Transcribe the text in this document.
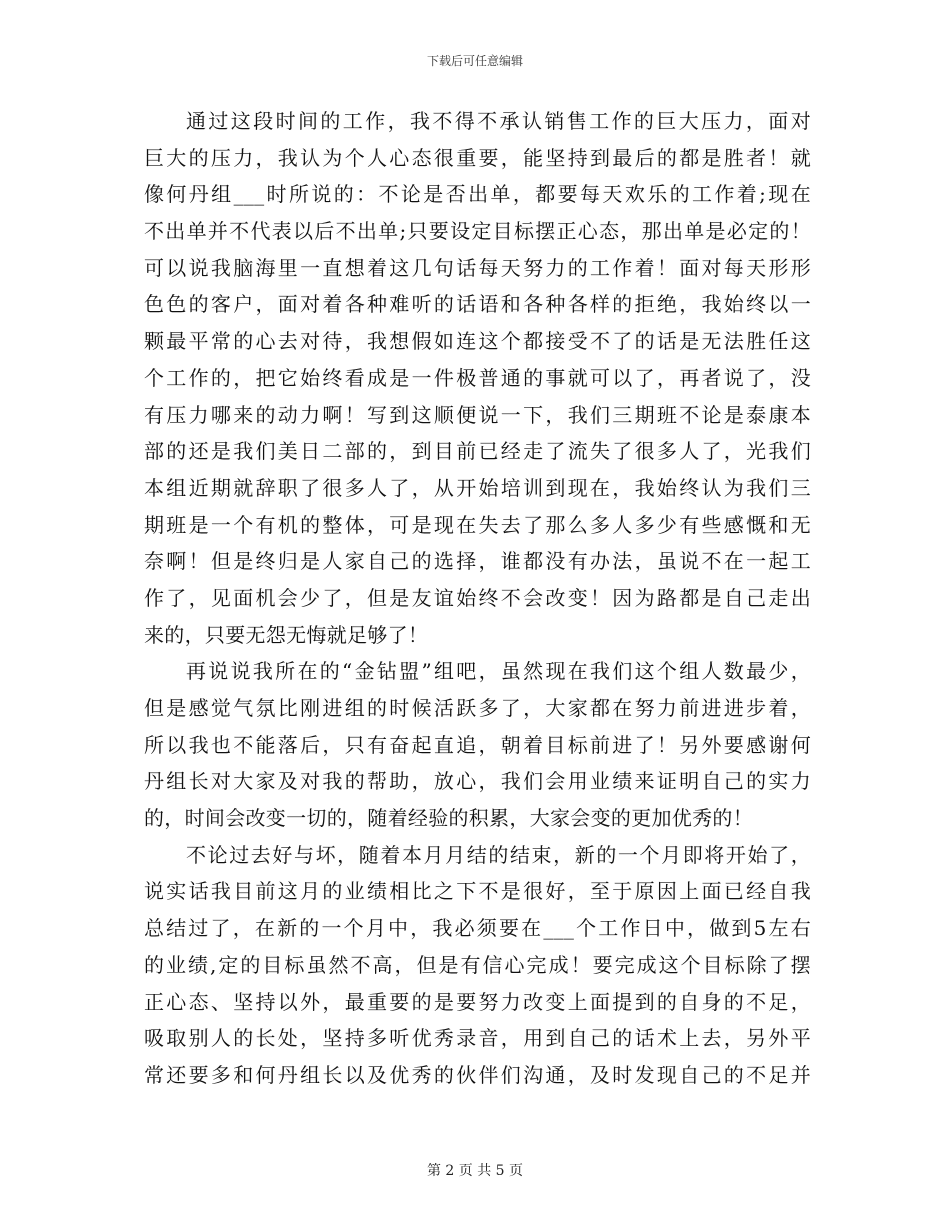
下载后可任意编辑
通过这段时间的工作，我不得不承认销售工作的巨大压力，面对
巨大的压力，我认为个人心态很重要，能坚持到最后的都是胜者！就
像何丹组___时所说的：不论是否出单，都要每天欢乐的工作着;现在
不出单并不代表以后不出单;只要设定目标摆正心态，那出单是必定的！
可以说我脑海里一直想着这几句话每天努力的工作着！面对每天形形
色色的客户，面对着各种难听的话语和各种各样的拒绝，我始终以一
颗最平常的心去对待，我想假如连这个都接受不了的话是无法胜任这
个工作的，把它始终看成是一件极普通的事就可以了，再者说了，没
有压力哪来的动力啊！写到这顺便说一下，我们三期班不论是泰康本
部的还是我们美日二部的，到目前已经走了流失了很多人了，光我们
本组近期就辞职了很多人了，从开始培训到现在，我始终认为我们三
期班是一个有机的整体，可是现在失去了那么多人多少有些感慨和无
奈啊！但是终归是人家自己的选择，谁都没有办法，虽说不在一起工
作了，见面机会少了，但是友谊始终不会改变！因为路都是自己走出
来的，只要无怨无悔就足够了！
再说说我所在的“金钻盟”组吧，虽然现在我们这个组人数最少，
但是感觉气氛比刚进组的时候活跃多了，大家都在努力前进进步着，
所以我也不能落后，只有奋起直追，朝着目标前进了！另外要感谢何
丹组长对大家及对我的帮助，放心，我们会用业绩来证明自己的实力
的，时间会改变一切的，随着经验的积累，大家会变的更加优秀的！
不论过去好与坏，随着本月月结的结束，新的一个月即将开始了，
说实话我目前这月的业绩相比之下不是很好，至于原因上面已经自我
总结过了，在新的一个月中，我必须要在___个工作日中，做到5左右
的业绩,定的目标虽然不高，但是有信心完成！要完成这个目标除了摆
正心态、坚持以外，最重要的是要努力改变上面提到的自身的不足，
吸取别人的长处，坚持多听优秀录音，用到自己的话术上去，另外平
常还要多和何丹组长以及优秀的伙伴们沟通，及时发现自己的不足并
第 2 页 共 5 页
